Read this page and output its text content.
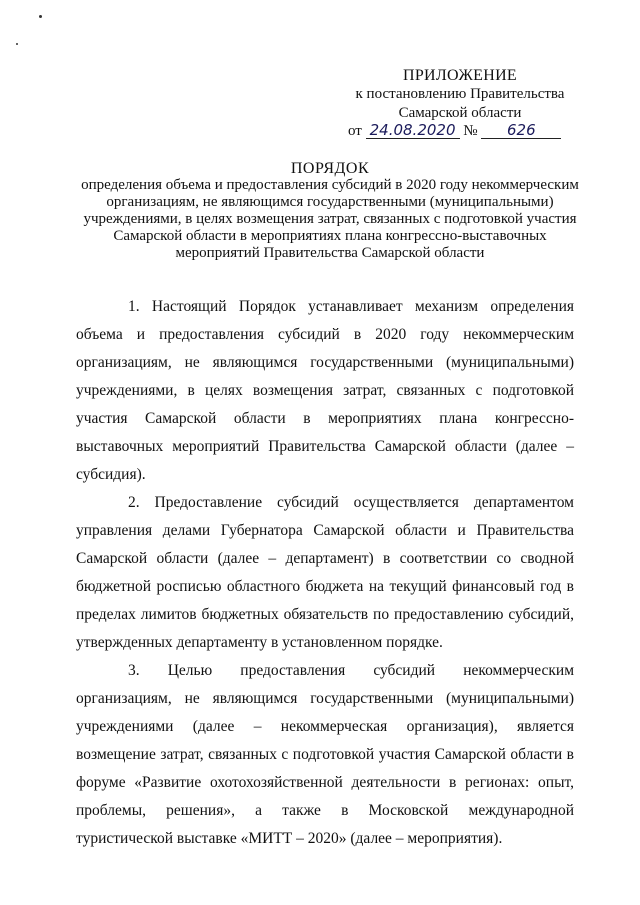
ПРИЛОЖЕНИЕ
к постановлению Правительства
Самарской области
от 24.08.2020 № 626
ПОРЯДОК
определения объема и предоставления субсидий в 2020 году некоммерческим организациям, не являющимся государственными (муниципальными) учреждениями, в целях возмещения затрат, связанных с подготовкой участия Самарской области в мероприятиях плана конгрессно-выставочных мероприятий Правительства Самарской области

1. Настоящий Порядок устанавливает механизм определения объема и предоставления субсидий в 2020 году некоммерческим организациям, не являющимся государственными (муниципальными) учреждениями, в целях возмещения затрат, связанных с подготовкой участия Самарской области в мероприятиях плана конгрессно-выставочных мероприятий Правительства Самарской области (далее – субсидия).

2. Предоставление субсидий осуществляется департаментом управления делами Губернатора Самарской области и Правительства Самарской области (далее – департамент) в соответствии со сводной бюджетной росписью областного бюджета на текущий финансовый год в пределах лимитов бюджетных обязательств по предоставлению субсидий, утвержденных департаменту в установленном порядке.

3. Целью предоставления субсидий некоммерческим организациям, не являющимся государственными (муниципальными) учреждениями (далее – некоммерческая организация), является возмещение затрат, связанных с подготовкой участия Самарской области в форуме «Развитие охотохозяйственной деятельности в регионах: опыт, проблемы, решения», а также в Московской международной туристической выставке «МИТТ – 2020» (далее – мероприятия).
